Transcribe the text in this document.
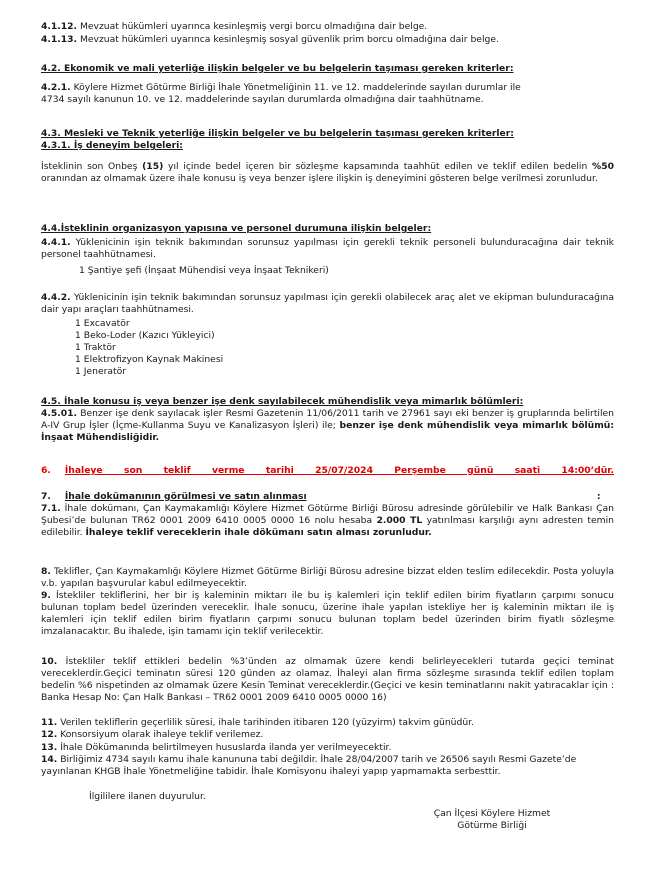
4.1.12. Mevzuat hükümleri uyarınca kesinleşmiş vergi borcu olmadığına dair belge.
4.1.13. Mevzuat hükümleri uyarınca kesinleşmiş sosyal güvenlik prim borcu olmadığına dair belge.
4.2. Ekonomik ve mali yeterliğe ilişkin belgeler ve bu belgelerin taşıması gereken kriterler:
4.2.1. Köylere Hizmet Götürme Birliği İhale Yönetmeliğinin 11. ve 12. maddelerinde sayılan durumlar ile
4734 sayılı kanunun 10. ve 12. maddelerinde sayılan durumlarda olmadığına dair taahhütname.
4.3. Mesleki ve Teknik yeterliğe ilişkin belgeler ve bu belgelerin taşıması gereken kriterler:
4.3.1. İş deneyim belgeleri:
İsteklinin son Onbeş (15) yıl içinde bedel içeren bir sözleşme kapsamında taahhüt edilen ve teklif edilen bedelin %50 oranından az olmamak üzere ihale konusu iş veya benzer işlere ilişkin iş deneyimini gösteren belge verilmesi zorunludur.
4.4.İsteklinin organizasyon yapısına ve personel durumuna ilişkin belgeler:
4.4.1. Yüklenicinin işin teknik bakımından sorunsuz yapılması için gerekli teknik personeli bulunduracağına dair teknik personel taahhütnamesi.
1 Şantiye şefi (İnşaat Mühendisi veya İnşaat Teknikeri)
4.4.2. Yüklenicinin işin teknik bakımından sorunsuz yapılması için gerekli olabilecek araç alet ve ekipman bulunduracağına dair yapı araçları taahhütnamesi.
1 Excavatör
1 Beko-Loder (Kazıcı Yükleyici)
1 Traktör
1 Elektrofizyon Kaynak Makinesi
1 Jeneratör
4.5. İhale konusu iş veya benzer işe denk sayılabilecek mühendislik veya mimarlık bölümleri:
4.5.01. Benzer işe denk sayılacak işler Resmi Gazetenin 11/06/2011 tarih ve 27961 sayı eki benzer iş gruplarında belirtilen A-IV Grup İşler (İçme-Kullanma Suyu ve Kanalizasyon İşleri) ile; benzer işe denk mühendislik veya mimarlık bölümü: İnşaat Mühendisliğidir.
6. İhaleye son teklif verme tarihi 25/07/2024 Perşembe günü saati 14:00’dür.
7. İhale dokümanının görülmesi ve satın alınması	:
7.1. İhale dokümanı, Çan Kaymakamlığı Köylere Hizmet Götürme Birliği Bürosu adresinde görülebilir ve Halk Bankası Çan Şubesi’de bulunan TR62 0001 2009 6410 0005 0000 16 nolu hesaba 2.000 TL yatırılması karşılığı aynı adresten temin edilebilir. İhaleye teklif vereceklerin ihale dökümanı satın alması zorunludur.
8. Teklifler, Çan Kaymakamlığı Köylere Hizmet Götürme Birliği Bürosu adresine bizzat elden teslim edilecekdir. Posta yoluyla v.b. yapılan başvurular kabul edilmeyecektir.
9. İstekliler tekliflerini, her bir iş kaleminin miktarı ile bu iş kalemleri için teklif edilen birim fiyatların çarpımı sonucu bulunan toplam bedel üzerinden vereceklir. İhale sonucu, üzerine ihale yapılan istekliye her iş kaleminin miktarı ile iş kalemleri için teklif edilen birim fiyatların çarpımı sonucu bulunan toplam bedel üzerinden birim fiyatlı sözleşme imzalanacaktır. Bu ihalede, işin tamamı için teklif verilecektir.
10. İstekliler teklif ettikleri bedelin %3’ünden az olmamak üzere kendi belirleyecekleri tutarda geçici teminat vereceklerdir.Geçici teminatın süresi 120 günden az olamaz. İhaleyi alan firma sözleşme sırasında teklif edilen toplam bedelin %6 nispetinden az olmamak üzere Kesin Teminat vereceklerdir.(Geçici ve kesin teminatlarını nakit yatıracaklar için : Banka Hesap No: Çan Halk Bankası – TR62 0001 2009 6410 0005 0000 16)
11. Verilen tekliflerin geçerlilik süresi, ihale tarihinden itibaren 120 (yüzyirm) takvim günüdür.
12. Konsorsiyum olarak ihaleye teklif verilemez.
13. İhale Dökümanında belirtilmeyen hususlarda ilanda yer verilmeyecektir.
14. Birliğimiz 4734 sayılı kamu ihale kanununa tabi değildir. İhale 28/04/2007 tarih ve 26506 sayılı Resmi Gazete’de yayınlanan KHGB İhale Yönetmeliğine tabidir. İhale Komisyonu ihaleyi yapıp yapmamakta serbesttir.
İlgililere ilanen duyurulur.
Çan İlçesi Köylere Hizmet
Götürme Birliği
